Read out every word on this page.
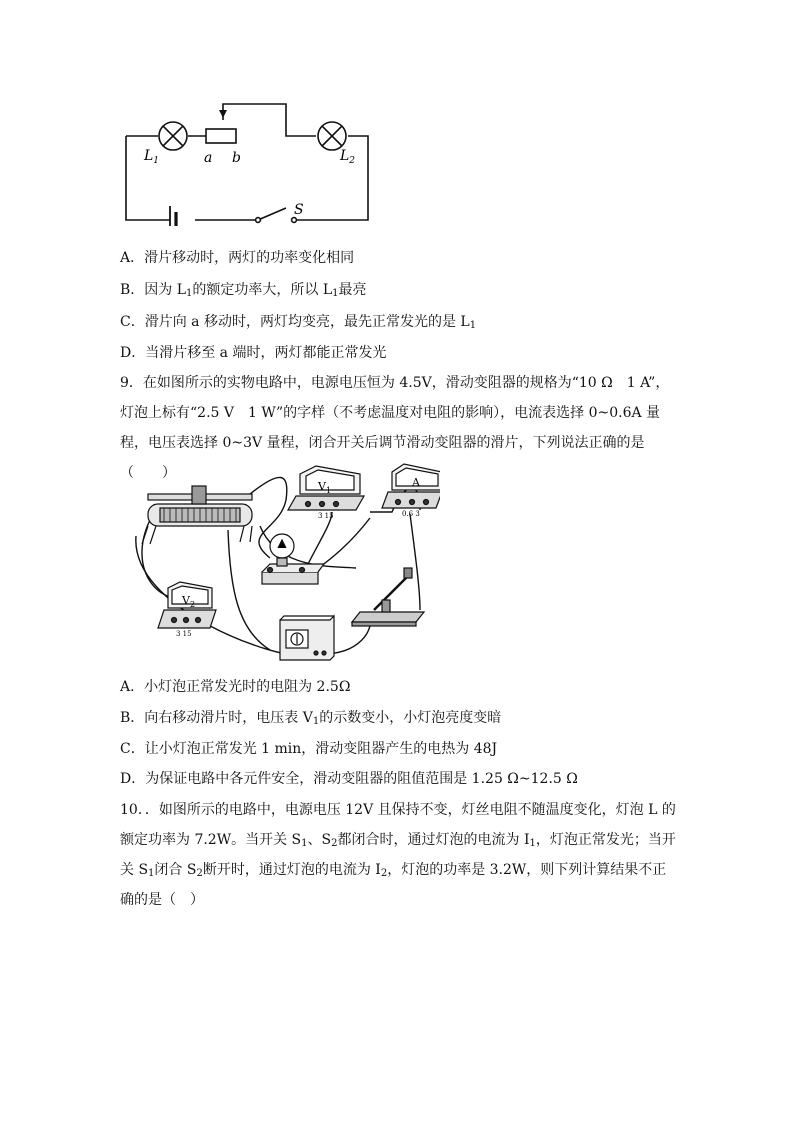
$L_1$	a b	$L_2$
S
A．滑片移动时，两灯的功率变化相同
B．因为 $L_1$的额定功率大，所以 $L_1$最亮
C．滑片向 a 移动时，两灯均变亮，最先正常发光的是 $L_1$
D．当滑片移至 a 端时，两灯都能正常发光
9．在如图所示的实物电路中，电源电压恒为 4.5V，滑动变阻器的规格为“10 Ω　1 A”，灯泡上标有“2.5 V　1 W”的字样（不考虑温度对电阻的影响），电流表选择 0~0.6A 量程，电压表选择 0~3V 量程，闭合开关后调节滑动变阻器的滑片，下列说法正确的是（　　）
$V_1$
3 15
A
0.6 3
$V_2$
3 15
A．小灯泡正常发光时的电阻为 2.5Ω
B．向右移动滑片时，电压表 $V_1$的示数变小，小灯泡亮度变暗
C．让小灯泡正常发光 1 min，滑动变阻器产生的电热为 48J
D．为保证电路中各元件安全，滑动变阻器的阻值范围是 1.25 Ω~12.5 Ω
10．．如图所示的电路中，电源电压 12V 且保持不变，灯丝电阻不随温度变化，灯泡 L 的额定功率为 7.2W。当开关 $S_1$、$S_2$都闭合时，通过灯泡的电流为 $I_1$，灯泡正常发光；当开关 $S_1$闭合 $S_2$断开时，通过灯泡的电流为 $I_2$，灯泡的功率是 3.2W，则下列计算结果不正确的是（　）
